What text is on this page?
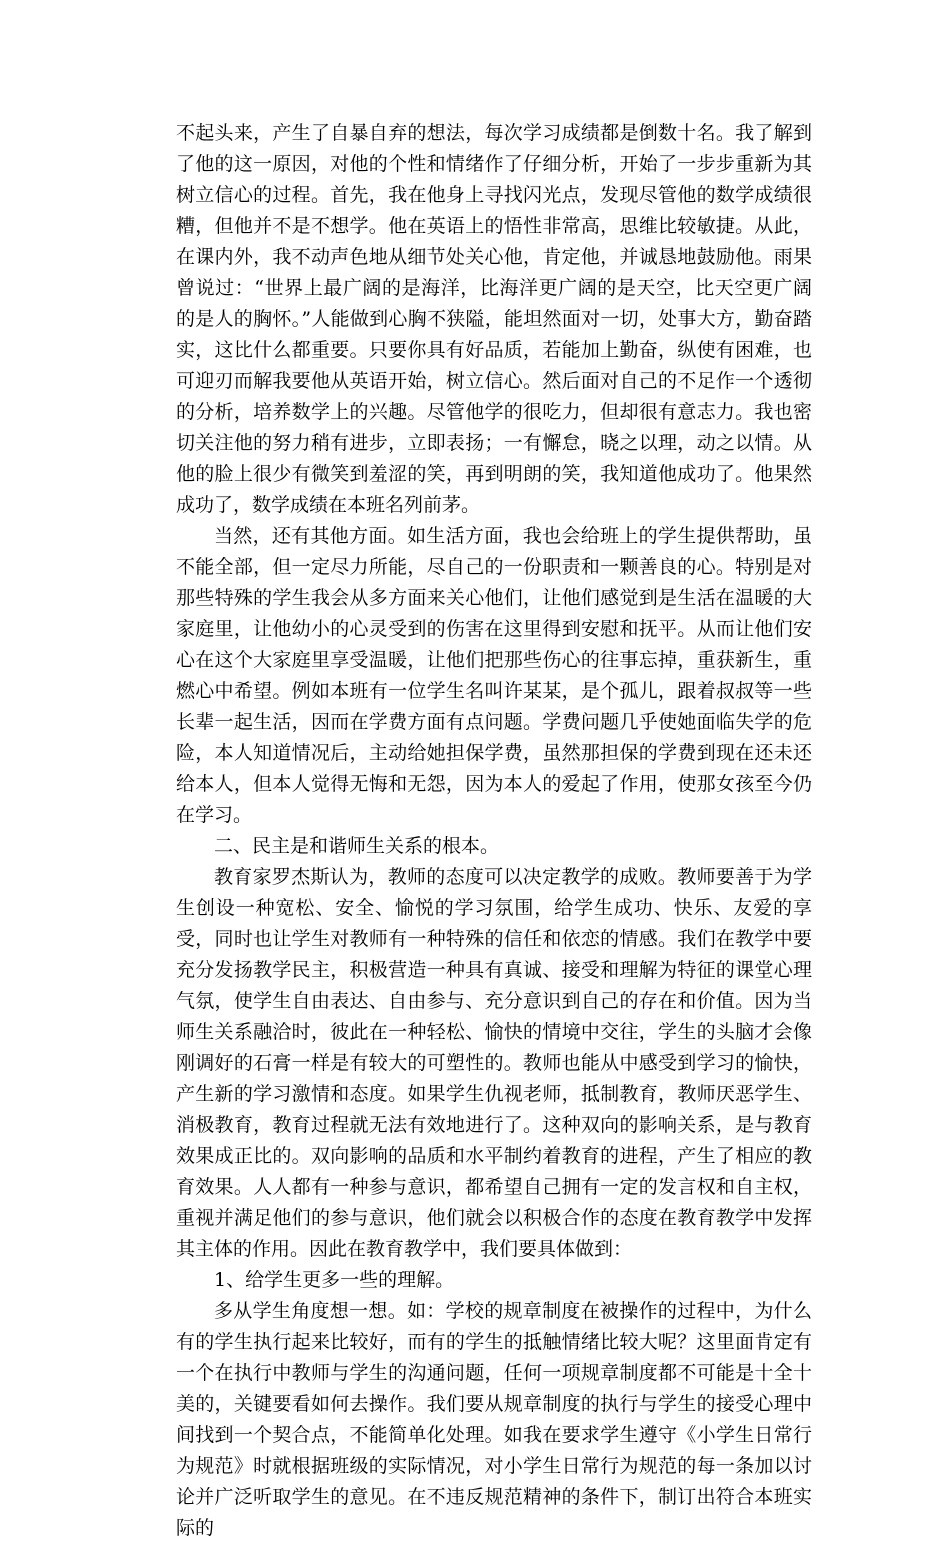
不起头来，产生了自暴自弃的想法，每次学习成绩都是倒数十名。我了解到了他的这一原因，对他的个性和情绪作了仔细分析，开始了一步步重新为其树立信心的过程。首先，我在他身上寻找闪光点，发现尽管他的数学成绩很糟，但他并不是不想学。他在英语上的悟性非常高，思维比较敏捷。从此，在课内外，我不动声色地从细节处关心他，肯定他，并诚恳地鼓励他。雨果曾说过：“世界上最广阔的是海洋，比海洋更广阔的是天空，比天空更广阔的是人的胸怀。”人能做到心胸不狭隘，能坦然面对一切，处事大方，勤奋踏实，这比什么都重要。只要你具有好品质，若能加上勤奋，纵使有困难，也可迎刃而解我要他从英语开始，树立信心。然后面对自己的不足作一个透彻的分析，培养数学上的兴趣。尽管他学的很吃力，但却很有意志力。我也密切关注他的努力稍有进步，立即表扬；一有懈怠，晓之以理，动之以情。从他的脸上很少有微笑到羞涩的笑，再到明朗的笑，我知道他成功了。他果然成功了，数学成绩在本班名列前茅。

当然，还有其他方面。如生活方面，我也会给班上的学生提供帮助，虽不能全部，但一定尽力所能，尽自己的一份职责和一颗善良的心。特别是对那些特殊的学生我会从多方面来关心他们，让他们感觉到是生活在温暖的大家庭里，让他幼小的心灵受到的伤害在这里得到安慰和抚平。从而让他们安心在这个大家庭里享受温暖，让他们把那些伤心的往事忘掉，重获新生，重燃心中希望。例如本班有一位学生名叫许某某，是个孤儿，跟着叔叔等一些长辈一起生活，因而在学费方面有点问题。学费问题几乎使她面临失学的危险，本人知道情况后，主动给她担保学费，虽然那担保的学费到现在还未还给本人，但本人觉得无悔和无怨，因为本人的爱起了作用，使那女孩至今仍在学习。

二、民主是和谐师生关系的根本。

教育家罗杰斯认为，教师的态度可以决定教学的成败。教师要善于为学生创设一种宽松、安全、愉悦的学习氛围，给学生成功、快乐、友爱的享受，同时也让学生对教师有一种特殊的信任和依恋的情感。我们在教学中要充分发扬教学民主，积极营造一种具有真诚、接受和理解为特征的课堂心理气氛，使学生自由表达、自由参与、充分意识到自己的存在和价值。因为当师生关系融洽时，彼此在一种轻松、愉快的情境中交往，学生的头脑才会像刚调好的石膏一样是有较大的可塑性的。教师也能从中感受到学习的愉快，产生新的学习激情和态度。如果学生仇视老师，抵制教育，教师厌恶学生、消极教育，教育过程就无法有效地进行了。这种双向的影响关系，是与教育效果成正比的。双向影响的品质和水平制约着教育的进程，产生了相应的教育效果。人人都有一种参与意识，都希望自己拥有一定的发言权和自主权，重视并满足他们的参与意识，他们就会以积极合作的态度在教育教学中发挥其主体的作用。因此在教育教学中，我们要具体做到：

1、给学生更多一些的理解。

多从学生角度想一想。如：学校的规章制度在被操作的过程中，为什么有的学生执行起来比较好，而有的学生的抵触情绪比较大呢？这里面肯定有一个在执行中教师与学生的沟通问题，任何一项规章制度都不可能是十全十美的，关键要看如何去操作。我们要从规章制度的执行与学生的接受心理中间找到一个契合点，不能简单化处理。如我在要求学生遵守《小学生日常行为规范》时就根据班级的实际情况，对小学生日常行为规范的每一条加以讨论并广泛听取学生的意见。在不违反规范精神的条件下，制订出符合本班实际的
